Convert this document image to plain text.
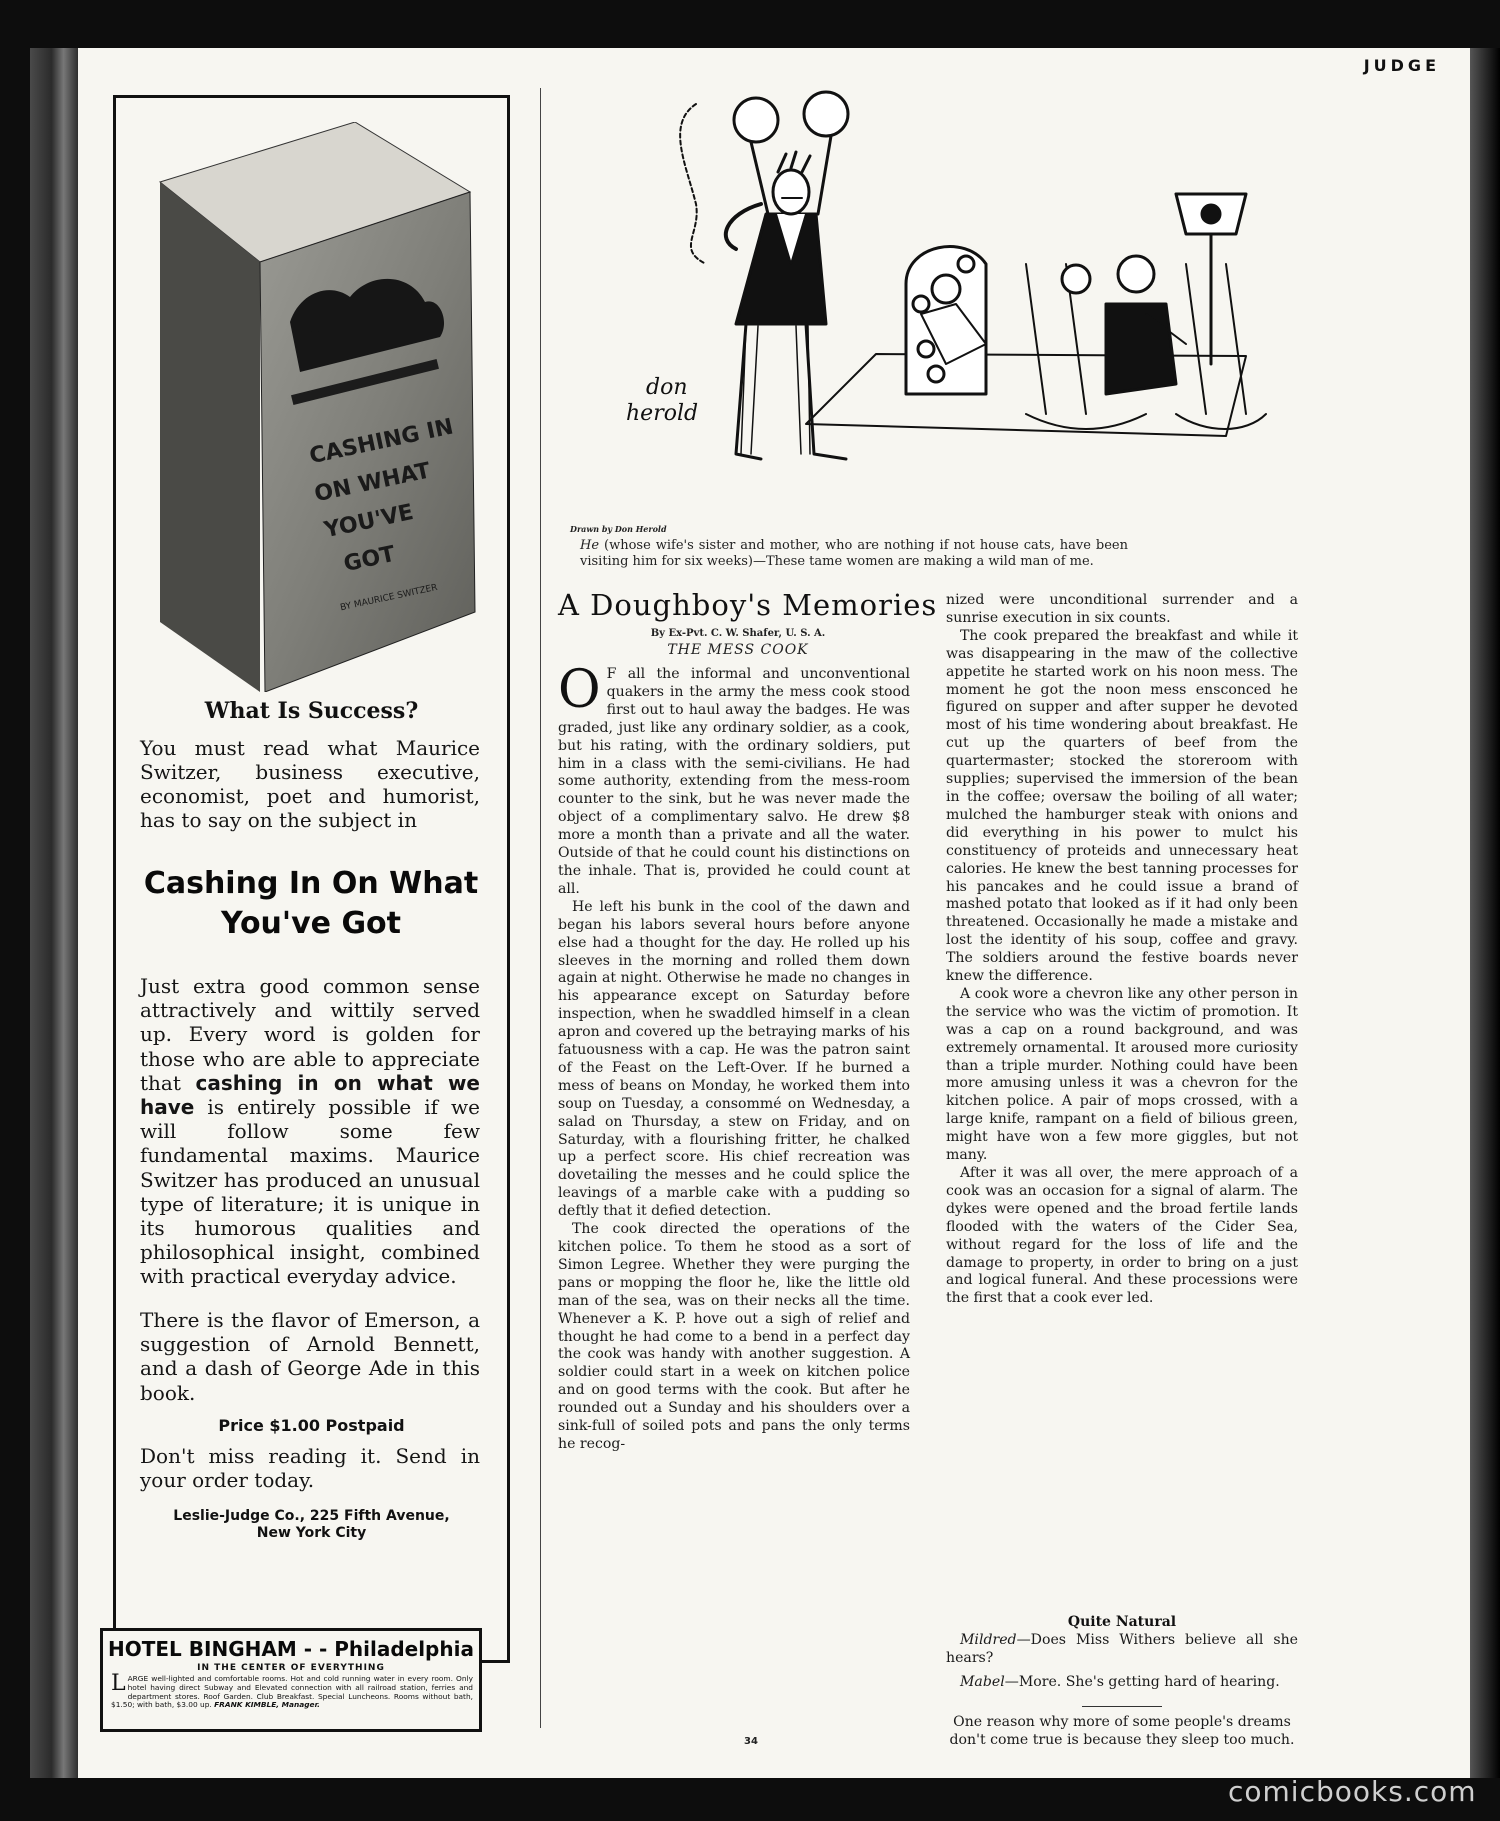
JUDGE
CASHING IN
ON WHAT
YOU'VE
GOT
BY MAURICE SWITZER
What Is Success?

You must read what Maurice Switzer, business executive, economist, poet and humorist, has to say on the subject in

Cashing In On What You've Got

Just extra good common sense attractively and wittily served up. Every word is golden for those who are able to appreciate that cashing in on what we have is entirely possible if we will follow some few fundamental maxims. Maurice Switzer has produced an unusual type of literature; it is unique in its humorous qualities and philosophical insight, combined with practical everyday advice.

There is the flavor of Emerson, a suggestion of Arnold Bennett, and a dash of George Ade in this book.

Price $1.00 Postpaid

Don't miss reading it. Send in your order today.

Leslie-Judge Co., 225 Fifth Avenue,
New York City

HOTEL BINGHAM - - Philadelphia

IN THE CENTER OF EVERYTHING

LARGE well-lighted and comfortable rooms. Hot and cold running water in every room. Only hotel having direct Subway and Elevated connection with all railroad station, ferries and department stores. Roof Garden. Club Breakfast. Special Luncheons. Rooms without bath, $1.50; with bath, $3.00 up. FRANK KIMBLE, Manager.

don
herold

Drawn by Don Herold

He (whose wife's sister and mother, who are nothing if not house cats, have been visiting him for six weeks)—These tame women are making a wild man of me.

A Doughboy's Memories

By Ex-Pvt. C. W. Shafer, U. S. A.

THE MESS COOK

O F all the informal and unconventional quakers in the army the mess cook stood first out to haul away the badges. He was graded, just like any ordinary soldier, as a cook, but his rating, with the ordinary soldiers, put him in a class with the semi-civilians. He had some authority, extending from the mess-room counter to the sink, but he was never made the object of a complimentary salvo. He drew $8 more a month than a private and all the water. Outside of that he could count his distinctions on the inhale. That is, provided he could count at all.

He left his bunk in the cool of the dawn and began his labors several hours before anyone else had a thought for the day. He rolled up his sleeves in the morning and rolled them down again at night. Otherwise he made no changes in his appearance except on Saturday before inspection, when he swaddled himself in a clean apron and covered up the betraying marks of his fatuousness with a cap. He was the patron saint of the Feast on the Left-Over. If he burned a mess of beans on Monday, he worked them into soup on Tuesday, a consommé on Wednesday, a salad on Thursday, a stew on Friday, and on Saturday, with a flourishing fritter, he chalked up a perfect score. His chief recreation was dovetailing the messes and he could splice the leavings of a marble cake with a pudding so deftly that it defied detection.

The cook directed the operations of the kitchen police. To them he stood as a sort of Simon Legree. Whether they were purging the pans or mopping the floor he, like the little old man of the sea, was on their necks all the time. Whenever a K. P. hove out a sigh of relief and thought he had come to a bend in a perfect day the cook was handy with another suggestion. A soldier could start in a week on kitchen police and on good terms with the cook. But after he rounded out a Sunday and his shoulders over a sink-full of soiled pots and pans the only terms he recog-

nized were unconditional surrender and a sunrise execution in six counts.

The cook prepared the breakfast and while it was disappearing in the maw of the collective appetite he started work on his noon mess. The moment he got the noon mess ensconced he figured on supper and after supper he devoted most of his time wondering about breakfast. He cut up the quarters of beef from the quartermaster; stocked the storeroom with supplies; supervised the immersion of the bean in the coffee; oversaw the boiling of all water; mulched the hamburger steak with onions and did everything in his power to mulct his constituency of proteids and unnecessary heat calories. He knew the best tanning processes for his pancakes and he could issue a brand of mashed potato that looked as if it had only been threatened. Occasionally he made a mistake and lost the identity of his soup, coffee and gravy. The soldiers around the festive boards never knew the difference.

A cook wore a chevron like any other person in the service who was the victim of promotion. It was a cap on a round background, and was extremely ornamental. It aroused more curiosity than a triple murder. Nothing could have been more amusing unless it was a chevron for the kitchen police. A pair of mops crossed, with a large knife, rampant on a field of bilious green, might have won a few more giggles, but not many.

After it was all over, the mere approach of a cook was an occasion for a signal of alarm. The dykes were opened and the broad fertile lands flooded with the waters of the Cider Sea, without regard for the loss of life and the damage to property, in order to bring on a just and logical funeral. And these processions were the first that a cook ever led.

Quite Natural

Mildred—Does Miss Withers believe all she hears?

Mabel—More. She's getting hard of hearing.

One reason why more of some people's dreams don't come true is because they sleep too much.

34
comicbooks.com
